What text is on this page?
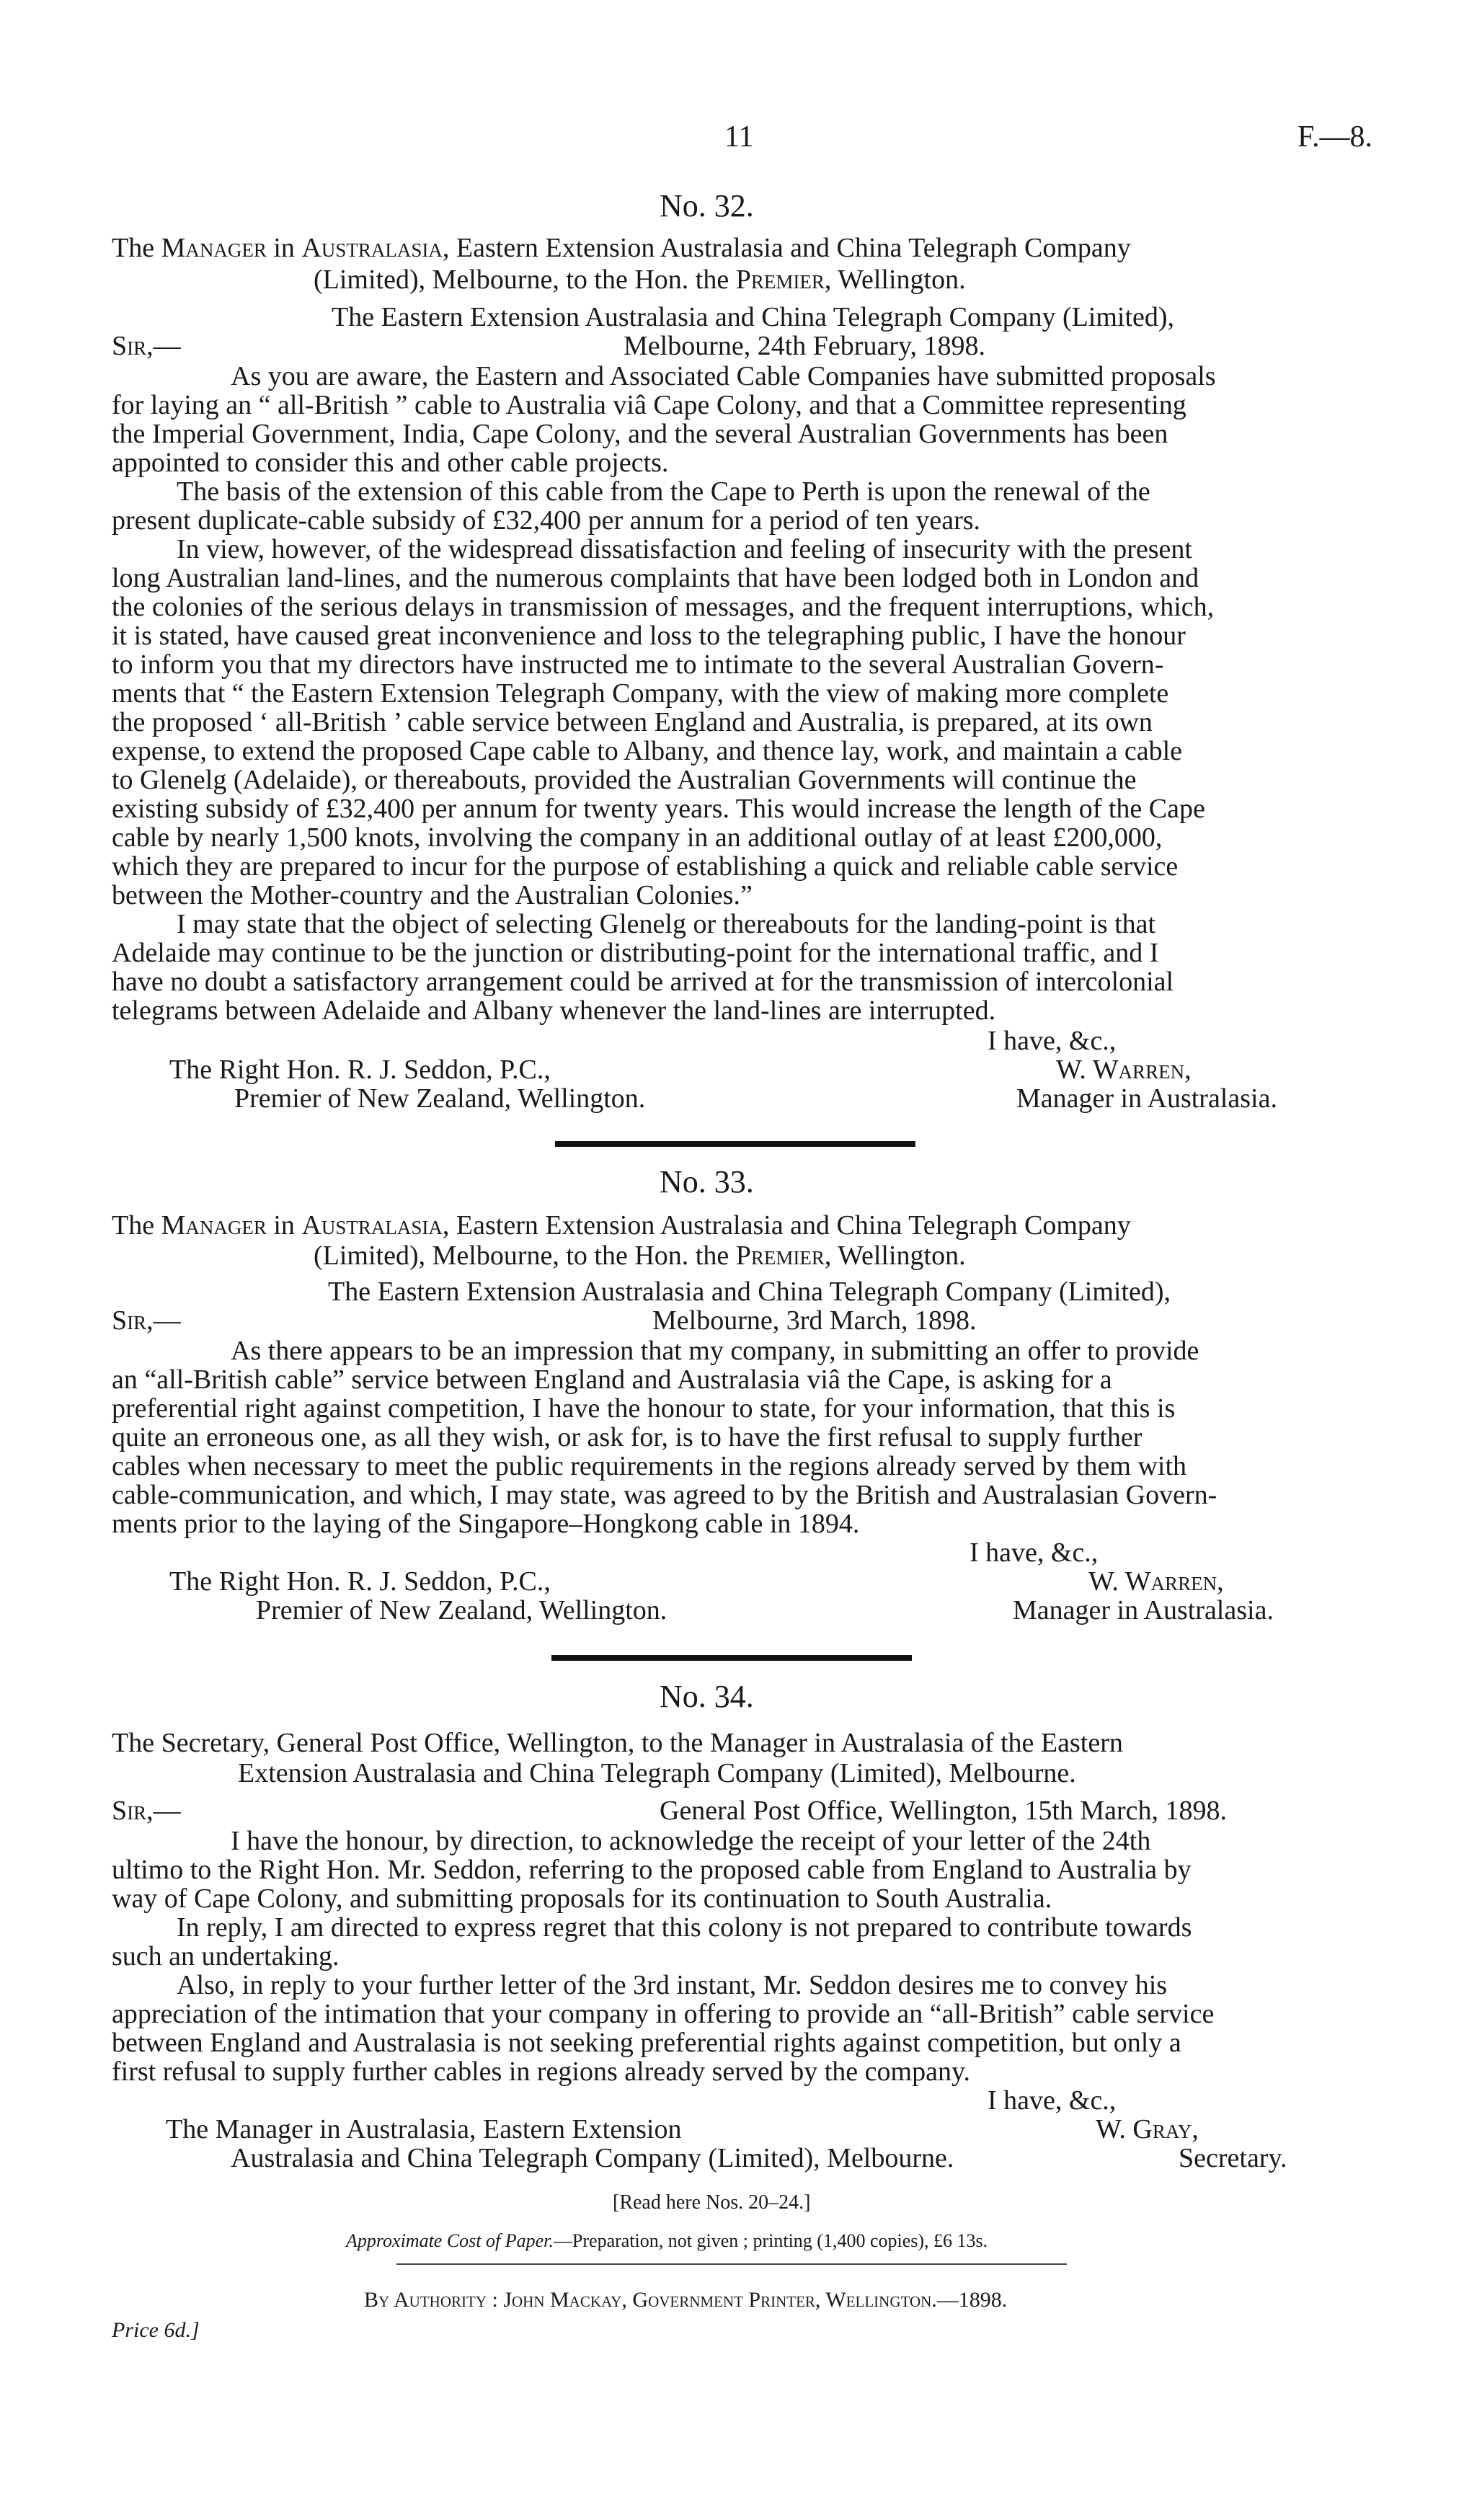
11	F.—8.
No. 32.
The Manager in Australasia, Eastern Extension Australasia and China Telegraph Company
(Limited), Melbourne, to the Hon. the Premier, Wellington.
The Eastern Extension Australasia and China Telegraph Company (Limited),
Sir,—	Melbourne, 24th February, 1898.
As you are aware, the Eastern and Associated Cable Companies have submitted proposals
for laying an “ all-British ” cable to Australia viâ Cape Colony, and that a Committee representing
the Imperial Government, India, Cape Colony, and the several Australian Governments has been
appointed to consider this and other cable projects.
The basis of the extension of this cable from the Cape to Perth is upon the renewal of the
present duplicate-cable subsidy of £32,400 per annum for a period of ten years.
In view, however, of the widespread dissatisfaction and feeling of insecurity with the present
long Australian land-lines, and the numerous complaints that have been lodged both in London and
the colonies of the serious delays in transmission of messages, and the frequent interruptions, which,
it is stated, have caused great inconvenience and loss to the telegraphing public, I have the honour
to inform you that my directors have instructed me to intimate to the several Australian Govern-
ments that “ the Eastern Extension Telegraph Company, with the view of making more complete
the proposed ‘ all-British ’ cable service between England and Australia, is prepared, at its own
expense, to extend the proposed Cape cable to Albany, and thence lay, work, and maintain a cable
to Glenelg (Adelaide), or thereabouts, provided the Australian Governments will continue the
existing subsidy of £32,400 per annum for twenty years. This would increase the length of the Cape
cable by nearly 1,500 knots, involving the company in an additional outlay of at least £200,000,
which they are prepared to incur for the purpose of establishing a quick and reliable cable service
between the Mother-country and the Australian Colonies.”
I may state that the object of selecting Glenelg or thereabouts for the landing-point is that
Adelaide may continue to be the junction or distributing-point for the international traffic, and I
have no doubt a satisfactory arrangement could be arrived at for the transmission of intercolonial
telegrams between Adelaide and Albany whenever the land-lines are interrupted.
I have, &c.,
The Right Hon. R. J. Seddon, P.C.,
Premier of New Zealand, Wellington.
W. Warren,
Manager in Australasia.
No. 33.
The Manager in Australasia, Eastern Extension Australasia and China Telegraph Company
(Limited), Melbourne, to the Hon. the Premier, Wellington.
The Eastern Extension Australasia and China Telegraph Company (Limited),
Sir,—	Melbourne, 3rd March, 1898.
As there appears to be an impression that my company, in submitting an offer to provide
an “all-British cable” service between England and Australasia viâ the Cape, is asking for a
preferential right against competition, I have the honour to state, for your information, that this is
quite an erroneous one, as all they wish, or ask for, is to have the first refusal to supply further
cables when necessary to meet the public requirements in the regions already served by them with
cable-communication, and which, I may state, was agreed to by the British and Australasian Govern-
ments prior to the laying of the Singapore–Hongkong cable in 1894.
I have, &c.,
The Right Hon. R. J. Seddon, P.C.,
Premier of New Zealand, Wellington.
W. Warren,
Manager in Australasia.
No. 34.
The Secretary, General Post Office, Wellington, to the Manager in Australasia of the Eastern
Extension Australasia and China Telegraph Company (Limited), Melbourne.
Sir,—	General Post Office, Wellington, 15th March, 1898.
I have the honour, by direction, to acknowledge the receipt of your letter of the 24th
ultimo to the Right Hon. Mr. Seddon, referring to the proposed cable from England to Australia by
way of Cape Colony, and submitting proposals for its continuation to South Australia.
In reply, I am directed to express regret that this colony is not prepared to contribute towards
such an undertaking.
Also, in reply to your further letter of the 3rd instant, Mr. Seddon desires me to convey his
appreciation of the intimation that your company in offering to provide an “all-British” cable service
between England and Australasia is not seeking preferential rights against competition, but only a
first refusal to supply further cables in regions already served by the company.
I have, &c.,
The Manager in Australasia, Eastern Extension
Australasia and China Telegraph Company (Limited), Melbourne.
W. Gray,
Secretary.
[Read here Nos. 20–24.]
Approximate Cost of Paper.—Preparation, not given ; printing (1,400 copies), £6 13s.
By Authority : John Mackay, Government Printer, Wellington.—1898.
Price 6d.]
